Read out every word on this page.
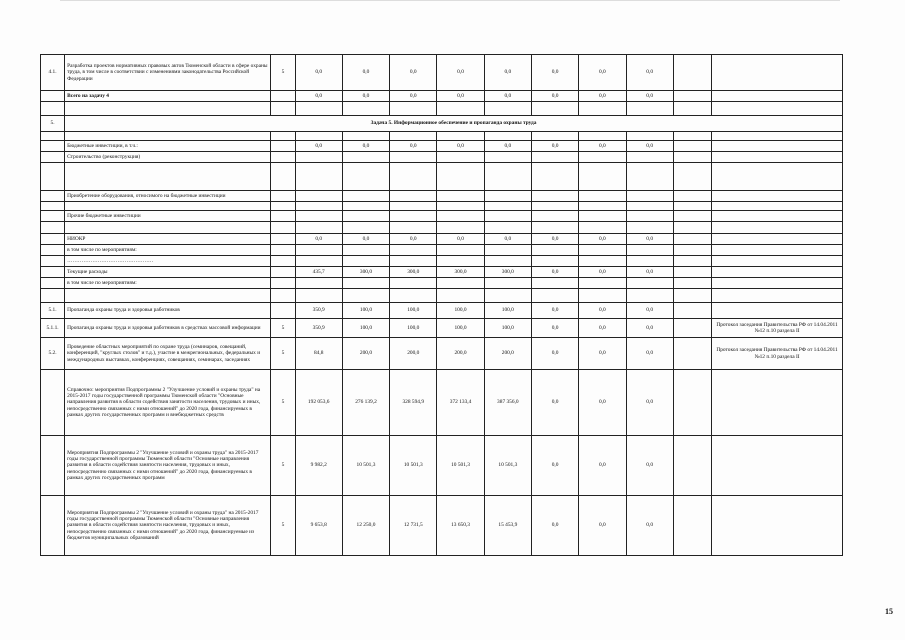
4.1.	Разработка проектов нормативных правовых актов Тюменской области в сфере охраны труда, в том числе в соответствии с изменениями законодательства Российской Федерации	5	0,0	0,0	0,0	0,0	0,0	0,0	0,0	0,0		
	Всего на задачу 4		0,0	0,0	0,0	0,0	0,0	0,0	0,0	0,0		

5.	Задача 5. Информационное обеспечение и пропаганда охраны труда											

	Бюджетные инвестиции, в т.ч.:		0,0	0,0	0,0	0,0	0,0	0,0	0,0	0,0		
	Строительство (реконструкция)											

	Приобретение оборудования, относимого на бюджетные инвестиции											

	Прочие бюджетные инвестиции											

	НИОКР		0,0	0,0	0,0	0,0	0,0	0,0	0,0	0,0		
	в том числе по мероприятиям:											
	…………………………………………											
	Текущие расходы		435,7	300,0	300,0	300,0	300,0	0,0	0,0	0,0		
	в том числе по мероприятиям:											

5.1.	Пропаганда охраны труда и здоровья работников		350,9	100,0	100,0	100,0	100,0	0,0	0,0	0,0		
5.1.1.	Пропаганда охраны труда и здоровья работников в средствах массовой информации	5	350,9	100,0	100,0	100,0	100,0	0,0	0,0	0,0		Протокол заседания Правительства РФ от 14.04.2011 №12 п.10 раздела II
5.2.	Проведение областных мероприятий по охране труда (семинаров, совещаний, конференций, "круглых столов" и т.д.), участие в межрегиональных, федеральных и международных выставках, конференциях, совещаниях, семинарах, заседаниях	5	84,8	200,0	200,0	200,0	200,0	0,0	0,0	0,0		Протокол заседания Правительства РФ от 14.04.2011 №12 п.10 раздела II
	Справочно: мероприятия Подпрограммы 2 "Улучшение условий и охраны труда" на 2015-2017 годы государственной программы Тюменской области "Основные направления развития в области содействия занятости населения, трудовых и иных, непосредственно связанных с ними отношений" до 2020 года, финансируемых в рамках других государственных программ и внебюджетных средств	5	192 053,6	276 139,2	328 594,9	372 133,4	387 356,0	0,0	0,0	0,0		
	Мероприятия Подпрограммы 2 "Улучшение условий и охраны труда" на 2015-2017 годы государственной программы Тюменской области "Основные направления развития в области содействия занятости населения, трудовых и иных, непосредственно связанных с ними отношений" до 2020 года, финансируемых в рамках других государственных программ	5	9 982,2	10 501,3	10 501,3	10 501,3	10 501,3	0,0	0,0	0,0		
	Мероприятия Подпрограммы 2 "Улучшение условий и охраны труда" на 2015-2017 годы государственной программы Тюменской области "Основные направления развития в области содействия занятости населения, трудовых и иных, непосредственно связанных с ними отношений" до 2020 года, финансируемые из бюджетов муниципальных образований	5	9 653,8	12 250,0	12 731,5	13 650,3	15 453,9	0,0	0,0	0,0		
15
